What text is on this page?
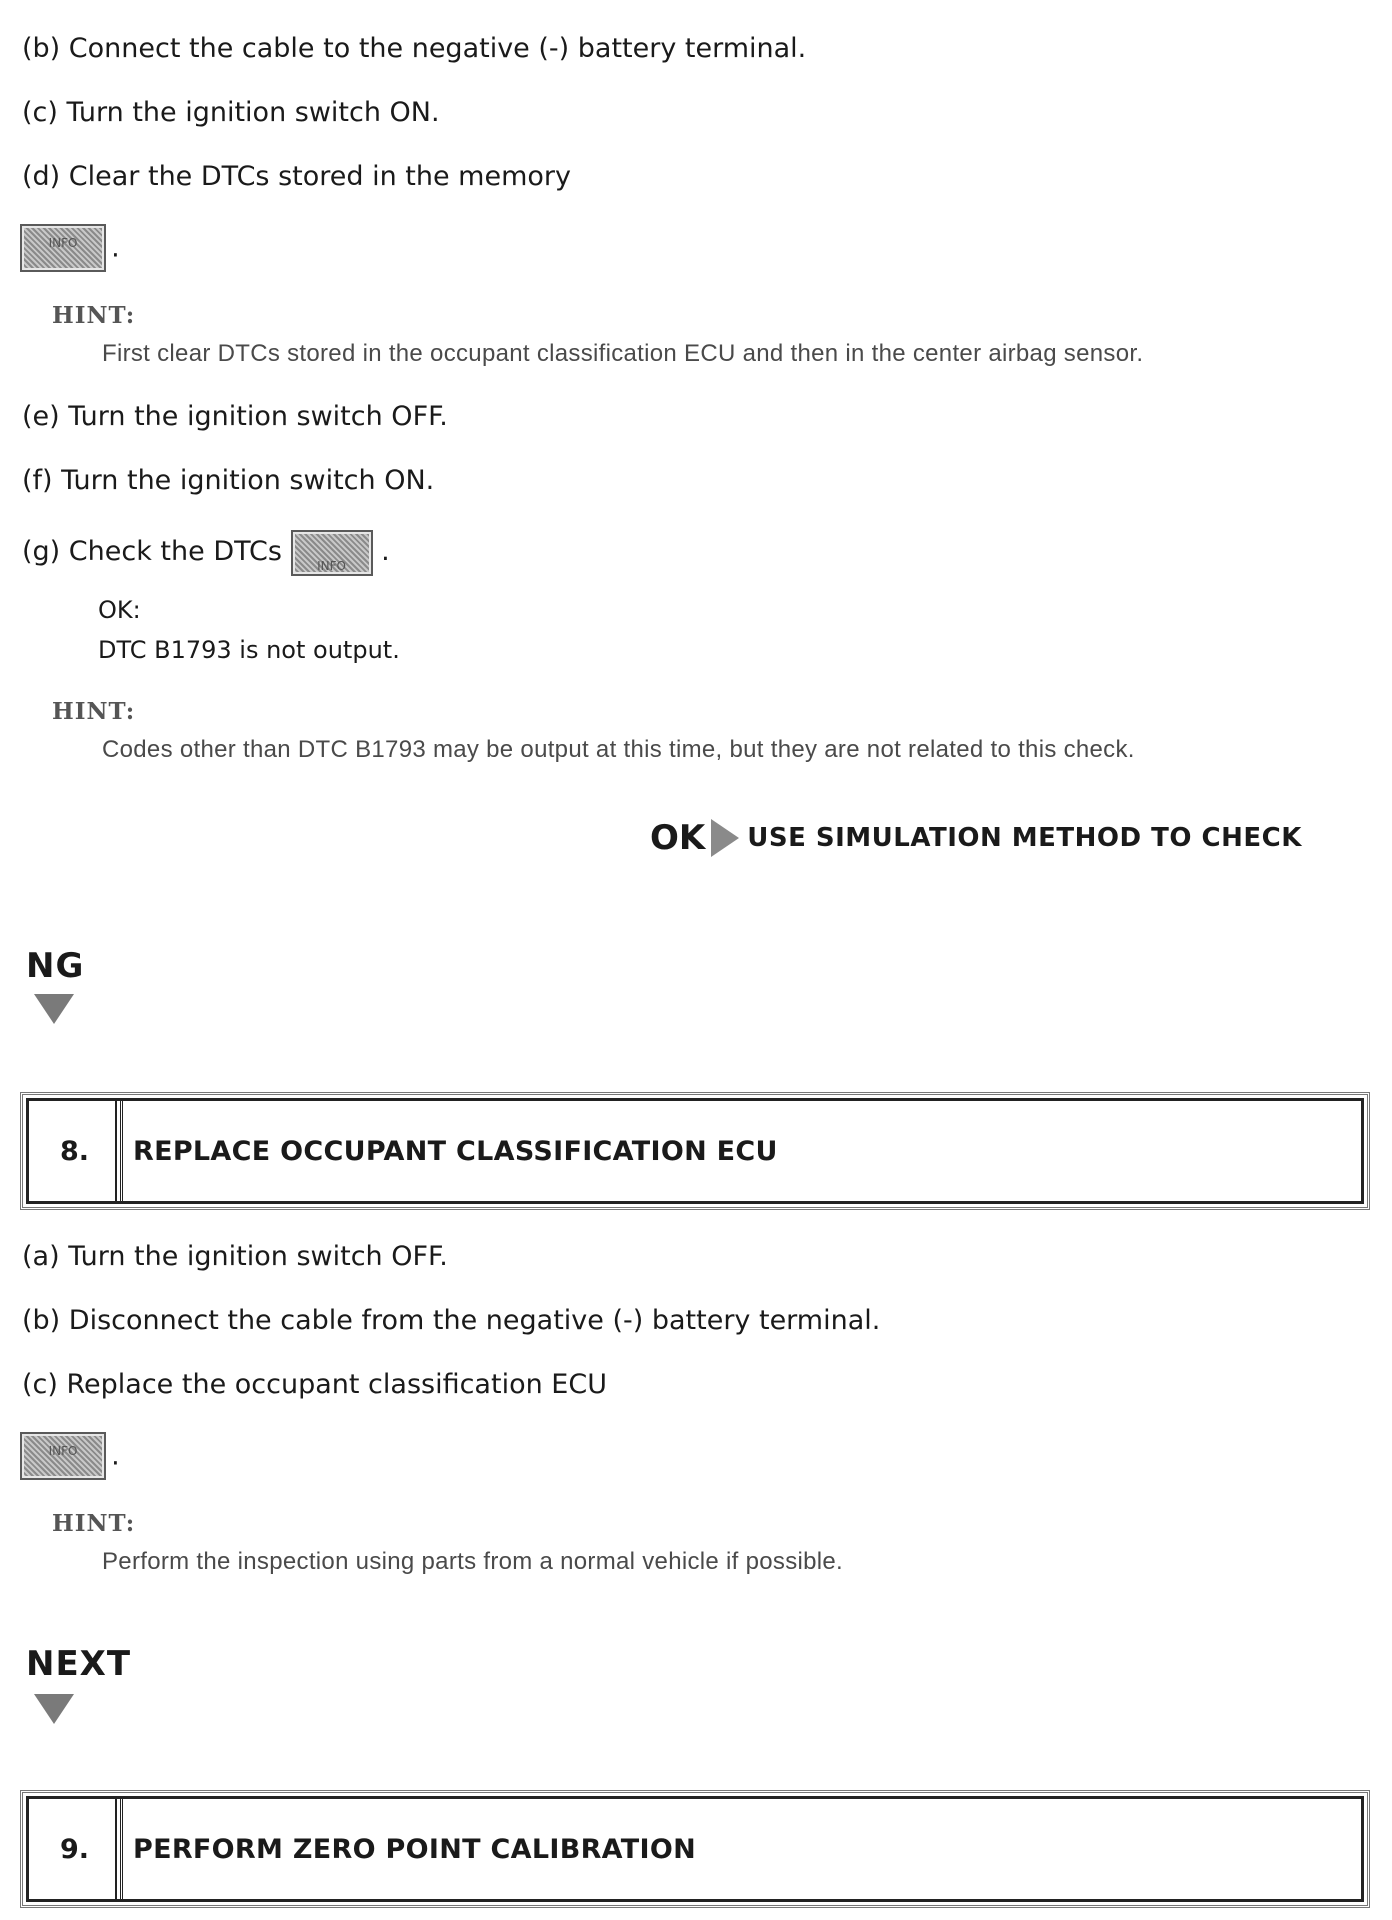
(b) Connect the cable to the negative (-) battery terminal.
(c) Turn the ignition switch ON.
(d) Clear the DTCs stored in the memory
INFO	.
HINT:
First clear DTCs stored in the occupant classification ECU and then in the center airbag sensor.
(e) Turn the ignition switch OFF.
(f) Turn the ignition switch ON.
(g) Check the DTCs	INFO	.
OK:
DTC B1793 is not output.
HINT:
Codes other than DTC B1793 may be output at this time, but they are not related to this check.
OK USE SIMULATION METHOD TO CHECK
NG
8.	REPLACE OCCUPANT CLASSIFICATION ECU
(a) Turn the ignition switch OFF.
(b) Disconnect the cable from the negative (-) battery terminal.
(c) Replace the occupant classification ECU
INFO	.
HINT:
Perform the inspection using parts from a normal vehicle if possible.
NEXT
9.	PERFORM ZERO POINT CALIBRATION
